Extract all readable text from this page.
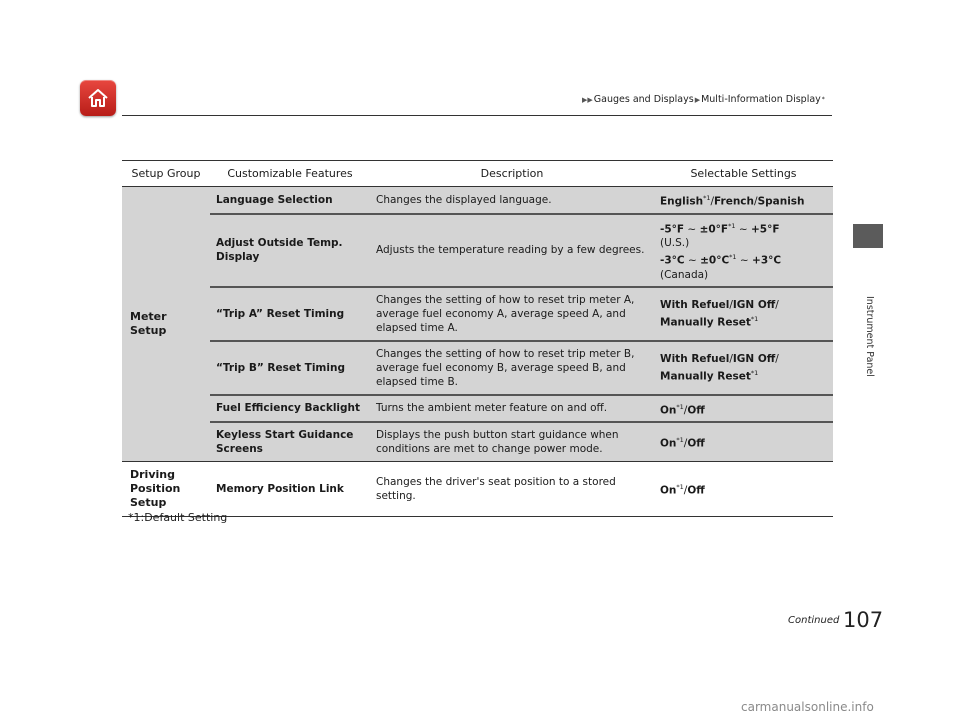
▶▶ Gauges and Displays ▶ Multi-Information Display *
Instrument Panel
Setup Group	Customizable Features	Description	Selectable Settings
Meter Setup	Language Selection	Changes the displayed language.	English$^{*1}$/French/Spanish
	Adjust Outside Temp. Display	Adjusts the temperature reading by a few degrees.	-5°F ~ $\pm 0^\circ F^{*1}$ ~ +5°F
(U.S.)
-3°C ~ $\pm 0^\circ C^{*1}$ ~ +3°C
(Canada)

	“Trip A” Reset Timing	Changes the setting of how to reset trip meter A, average fuel economy A, average speed A, and elapsed time A.	With Refuel/IGN Off/
Manually Reset$^{*1}$
	“Trip B” Reset Timing	Changes the setting of how to reset trip meter B, average fuel economy B, average speed B, and elapsed time B.	With Refuel/IGN Off/
Manually Reset$^{*1}$
	Fuel Efficiency Backlight	Turns the ambient meter feature on and off.	On$^{*1}$/Off
	Keyless Start Guidance Screens	Displays the push button start guidance when conditions are met to change power mode.	On$^{*1}$/Off
Driving Position Setup	Memory Position Link	Changes the driver's seat position to a stored setting.	On$^{*1}$/Off
*1:Default Setting
Continued 107
carmanualsonline.info
